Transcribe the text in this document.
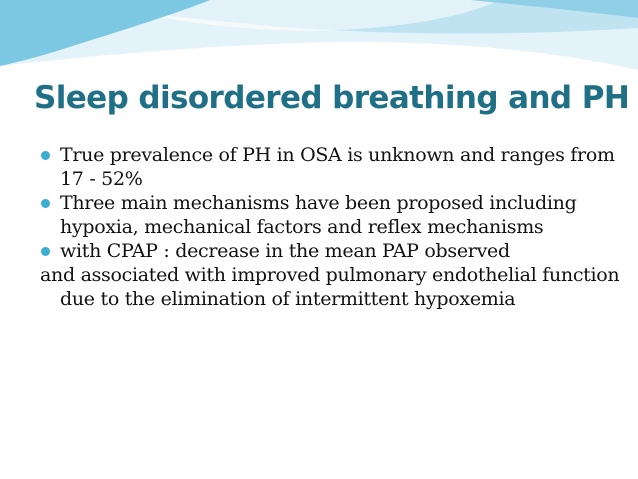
Sleep disordered breathing and PH

True prevalence of PH in OSA is unknown and ranges from 17 - 52%

Three main mechanisms have been proposed including hypoxia, mechanical factors and reflex mechanisms

with CPAP : decrease in the mean PAP observed

and associated with improved pulmonary endothelial function due to the elimination of intermittent hypoxemia
